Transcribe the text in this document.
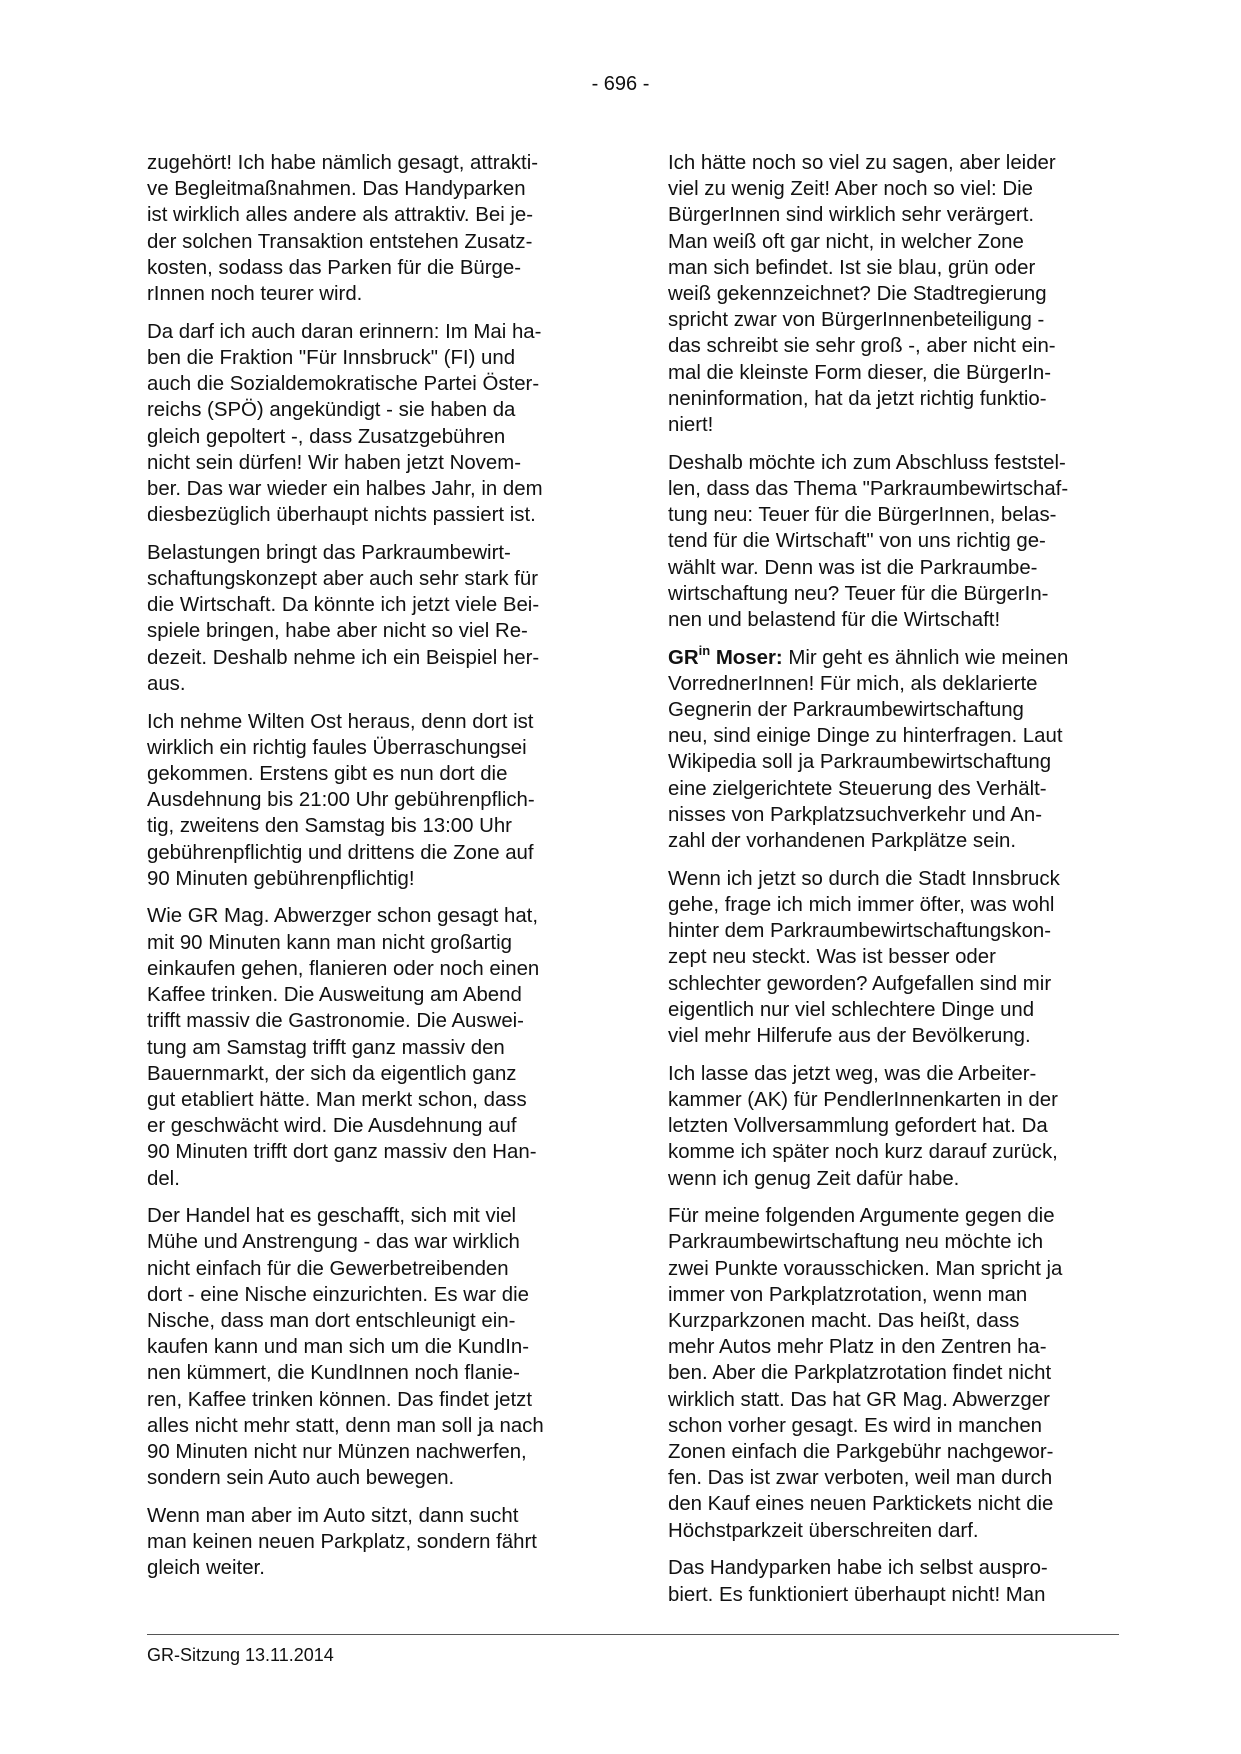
- 696 -
zugehört! Ich habe nämlich gesagt, attrakti-
ve Begleitmaßnahmen. Das Handyparken
ist wirklich alles andere als attraktiv. Bei je-
der solchen Transaktion entstehen Zusatz-
kosten, sodass das Parken für die Bürge-
rInnen noch teurer wird.
Da darf ich auch daran erinnern: Im Mai ha-
ben die Fraktion "Für Innsbruck" (FI) und
auch die Sozialdemokratische Partei Öster-
reichs (SPÖ) angekündigt - sie haben da
gleich gepoltert -, dass Zusatzgebühren
nicht sein dürfen! Wir haben jetzt Novem-
ber. Das war wieder ein halbes Jahr, in dem
diesbezüglich überhaupt nichts passiert ist.
Belastungen bringt das Parkraumbewirt-
schaftungskonzept aber auch sehr stark für
die Wirtschaft. Da könnte ich jetzt viele Bei-
spiele bringen, habe aber nicht so viel Re-
dezeit. Deshalb nehme ich ein Beispiel her-
aus.
Ich nehme Wilten Ost heraus, denn dort ist
wirklich ein richtig faules Überraschungsei
gekommen. Erstens gibt es nun dort die
Ausdehnung bis 21:00 Uhr gebührenpflich-
tig, zweitens den Samstag bis 13:00 Uhr
gebührenpflichtig und drittens die Zone auf
90 Minuten gebührenpflichtig!
Wie GR Mag. Abwerzger schon gesagt hat,
mit 90 Minuten kann man nicht großartig
einkaufen gehen, flanieren oder noch einen
Kaffee trinken. Die Ausweitung am Abend
trifft massiv die Gastronomie. Die Auswei-
tung am Samstag trifft ganz massiv den
Bauernmarkt, der sich da eigentlich ganz
gut etabliert hätte. Man merkt schon, dass
er geschwächt wird. Die Ausdehnung auf
90 Minuten trifft dort ganz massiv den Han-
del.
Der Handel hat es geschafft, sich mit viel
Mühe und Anstrengung - das war wirklich
nicht einfach für die Gewerbetreibenden
dort - eine Nische einzurichten. Es war die
Nische, dass man dort entschleunigt ein-
kaufen kann und man sich um die KundIn-
nen kümmert, die KundInnen noch flanie-
ren, Kaffee trinken können. Das findet jetzt
alles nicht mehr statt, denn man soll ja nach
90 Minuten nicht nur Münzen nachwerfen,
sondern sein Auto auch bewegen.
Wenn man aber im Auto sitzt, dann sucht
man keinen neuen Parkplatz, sondern fährt
gleich weiter.
Ich hätte noch so viel zu sagen, aber leider
viel zu wenig Zeit! Aber noch so viel: Die
BürgerInnen sind wirklich sehr verärgert.
Man weiß oft gar nicht, in welcher Zone
man sich befindet. Ist sie blau, grün oder
weiß gekennzeichnet? Die Stadtregierung
spricht zwar von BürgerInnenbeteiligung -
das schreibt sie sehr groß -, aber nicht ein-
mal die kleinste Form dieser, die BürgerIn-
neninformation, hat da jetzt richtig funktio-
niert!
Deshalb möchte ich zum Abschluss feststel-
len, dass das Thema "Parkraumbewirtschaf-
tung neu: Teuer für die BürgerInnen, belas-
tend für die Wirtschaft" von uns richtig ge-
wählt war. Denn was ist die Parkraumbe-
wirtschaftung neu? Teuer für die BürgerIn-
nen und belastend für die Wirtschaft!
$GR^{in}$ Moser: Mir geht es ähnlich wie meinen
VorrednerInnen! Für mich, als deklarierte
Gegnerin der Parkraumbewirtschaftung
neu, sind einige Dinge zu hinterfragen. Laut
Wikipedia soll ja Parkraumbewirtschaftung
eine zielgerichtete Steuerung des Verhält-
nisses von Parkplatzsuchverkehr und An-
zahl der vorhandenen Parkplätze sein.
Wenn ich jetzt so durch die Stadt Innsbruck
gehe, frage ich mich immer öfter, was wohl
hinter dem Parkraumbewirtschaftungskon-
zept neu steckt. Was ist besser oder
schlechter geworden? Aufgefallen sind mir
eigentlich nur viel schlechtere Dinge und
viel mehr Hilferufe aus der Bevölkerung.
Ich lasse das jetzt weg, was die Arbeiter-
kammer (AK) für PendlerInnenkarten in der
letzten Vollversammlung gefordert hat. Da
komme ich später noch kurz darauf zurück,
wenn ich genug Zeit dafür habe.
Für meine folgenden Argumente gegen die
Parkraumbewirtschaftung neu möchte ich
zwei Punkte vorausschicken. Man spricht ja
immer von Parkplatzrotation, wenn man
Kurzparkzonen macht. Das heißt, dass
mehr Autos mehr Platz in den Zentren ha-
ben. Aber die Parkplatzrotation findet nicht
wirklich statt. Das hat GR Mag. Abwerzger
schon vorher gesagt. Es wird in manchen
Zonen einfach die Parkgebühr nachgewor-
fen. Das ist zwar verboten, weil man durch
den Kauf eines neuen Parktickets nicht die
Höchstparkzeit überschreiten darf.
Das Handyparken habe ich selbst auspro-
biert. Es funktioniert überhaupt nicht! Man
GR-Sitzung 13.11.2014
